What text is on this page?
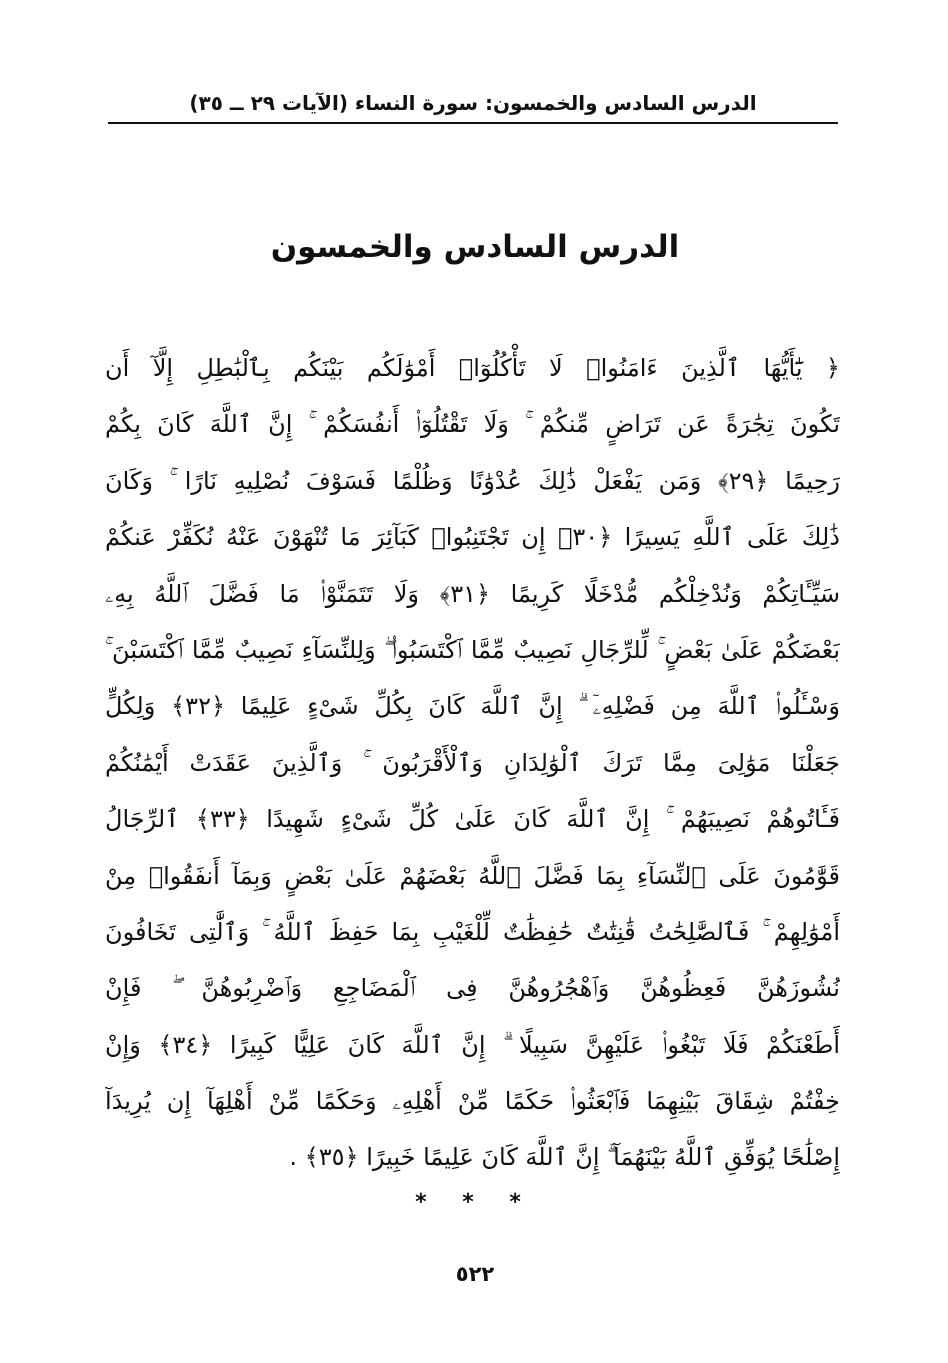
الدرس السادس والخمسون: سورة النساء (الآيات ٢٩ ــ ٣٥)
الدرس السادس والخمسون
﴿ يَٰٓأَيُّهَا ٱلَّذِينَ ءَامَنُوا۟ لَا تَأْكُلُوٓا۟ أَمْوَٰلَكُم بَيْنَكُم بِٱلْبَٰطِلِ إِلَّآ أَن
تَكُونَ تِجَٰرَةً عَن تَرَاضٍ مِّنكُمْ ۚ وَلَا تَقْتُلُوٓا۟ أَنفُسَكُمْ ۚ إِنَّ ٱللَّهَ كَانَ بِكُمْ
رَحِيمًا ﴿٢٩﴾ وَمَن يَفْعَلْ ذَٰلِكَ عُدْوَٰنًا وَظُلْمًا فَسَوْفَ نُصْلِيهِ نَارًا ۚ وَكَانَ
ذَٰلِكَ عَلَى ٱللَّهِ يَسِيرًا ﴿٣٠﴾ إِن تَجْتَنِبُوا۟ كَبَآئِرَ مَا تُنْهَوْنَ عَنْهُ نُكَفِّرْ عَنكُمْ
سَيِّـَٔاتِكُمْ وَنُدْخِلْكُم مُّدْخَلًا كَرِيمًا ﴿٣١﴾ وَلَا تَتَمَنَّوْا۟ مَا فَضَّلَ ٱللَّهُ بِهِۦ
بَعْضَكُمْ عَلَىٰ بَعْضٍ ۚ لِّلرِّجَالِ نَصِيبٌ مِّمَّا ٱكْتَسَبُوا۟ ۖ وَلِلنِّسَآءِ نَصِيبٌ مِّمَّا ٱكْتَسَبْنَ ۚ
وَسْـَٔلُوا۟ ٱللَّهَ مِن فَضْلِهِۦٓ ۗ إِنَّ ٱللَّهَ كَانَ بِكُلِّ شَىْءٍ عَلِيمًا ﴿٣٢﴾ وَلِكُلٍّ
جَعَلْنَا مَوَٰلِىَ مِمَّا تَرَكَ ٱلْوَٰلِدَانِ وَٱلْأَقْرَبُونَ ۚ وَٱلَّذِينَ عَقَدَتْ أَيْمَٰنُكُمْ
فَـَٔاتُوهُمْ نَصِيبَهُمْ ۚ إِنَّ ٱللَّهَ كَانَ عَلَىٰ كُلِّ شَىْءٍ شَهِيدًا ﴿٣٣﴾ ٱلرِّجَالُ
قَوَّٰمُونَ عَلَى ٱلنِّسَآءِ بِمَا فَضَّلَ ٱللَّهُ بَعْضَهُمْ عَلَىٰ بَعْضٍ وَبِمَآ أَنفَقُوا۟ مِنْ
أَمْوَٰلِهِمْ ۚ فَٱلصَّٰلِحَٰتُ قَٰنِتَٰتٌ حَٰفِظَٰتٌ لِّلْغَيْبِ بِمَا حَفِظَ ٱللَّهُ ۚ وَٱلَّٰتِى تَخَافُونَ
نُشُوزَهُنَّ فَعِظُوهُنَّ وَٱهْجُرُوهُنَّ فِى ٱلْمَضَاجِعِ وَٱضْرِبُوهُنَّ ۖ فَإِنْ
أَطَعْنَكُمْ فَلَا تَبْغُوا۟ عَلَيْهِنَّ سَبِيلًا ۗ إِنَّ ٱللَّهَ كَانَ عَلِيًّا كَبِيرًا ﴿٣٤﴾ وَإِنْ
خِفْتُمْ شِقَاقَ بَيْنِهِمَا فَٱبْعَثُوا۟ حَكَمًا مِّنْ أَهْلِهِۦ وَحَكَمًا مِّنْ أَهْلِهَآ إِن يُرِيدَآ
إِصْلَٰحًا يُوَفِّقِ ٱللَّهُ بَيْنَهُمَآ ۗ إِنَّ ٱللَّهَ كَانَ عَلِيمًا خَبِيرًا ﴿٣٥﴾ .
* * *
٥٢٢
